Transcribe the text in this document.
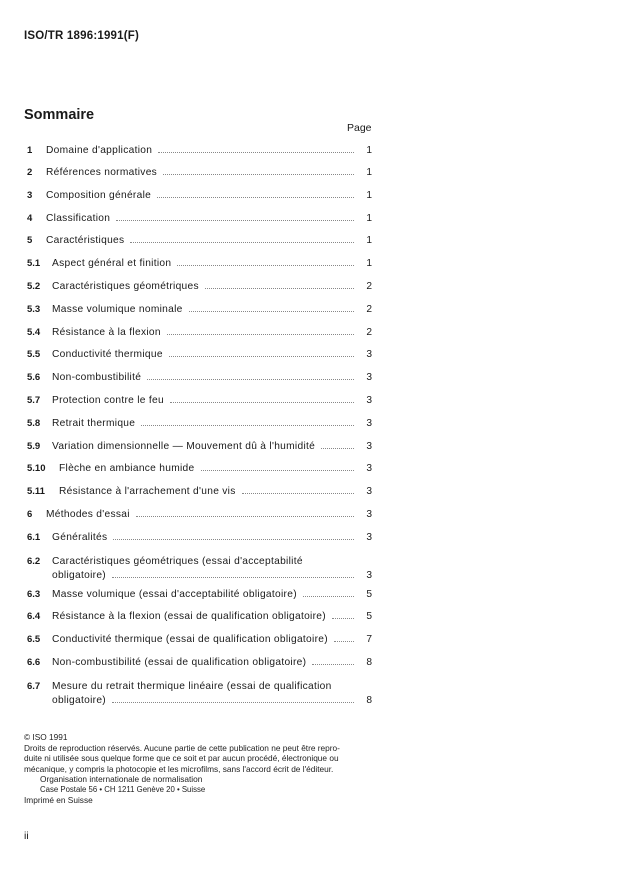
ISO/TR 1896:1991(F)
Sommaire
Page
1 Domaine d'application	1
2 Références normatives	1
3 Composition générale	1
4 Classification	1
5 Caractéristiques	1
5.1 Aspect général et finition	1
5.2 Caractéristiques géométriques	2
5.3 Masse volumique nominale	2
5.4 Résistance à la flexion	2
5.5 Conductivité thermique	3
5.6 Non-combustibilité	3
5.7 Protection contre le feu	3
5.8 Retrait thermique	3
5.9 Variation dimensionnelle — Mouvement dû à l'humidité	3
5.10 Flèche en ambiance humide	3
5.11 Résistance à l'arrachement d'une vis	3
6 Méthodes d'essai	3
6.1 Généralités	3
6.2 Caractéristiques géométriques (essai d'acceptabilité
obligatoire)	3
6.3 Masse volumique (essai d'acceptabilité obligatoire)	5
6.4 Résistance à la flexion (essai de qualification obligatoire)	5
6.5 Conductivité thermique (essai de qualification obligatoire)	7
6.6 Non-combustibilité (essai de qualification obligatoire)	8
6.7 Mesure du retrait thermique linéaire (essai de qualification
obligatoire)	8
© ISO 1991
Droits de reproduction réservés. Aucune partie de cette publication ne peut être repro-
duite ni utilisée sous quelque forme que ce soit et par aucun procédé, électronique ou
mécanique, y compris la photocopie et les microfilms, sans l'accord écrit de l'éditeur.
Organisation internationale de normalisation
Case Postale 56 • CH 1211 Genève 20 • Suisse
Imprimé en Suisse
ii
